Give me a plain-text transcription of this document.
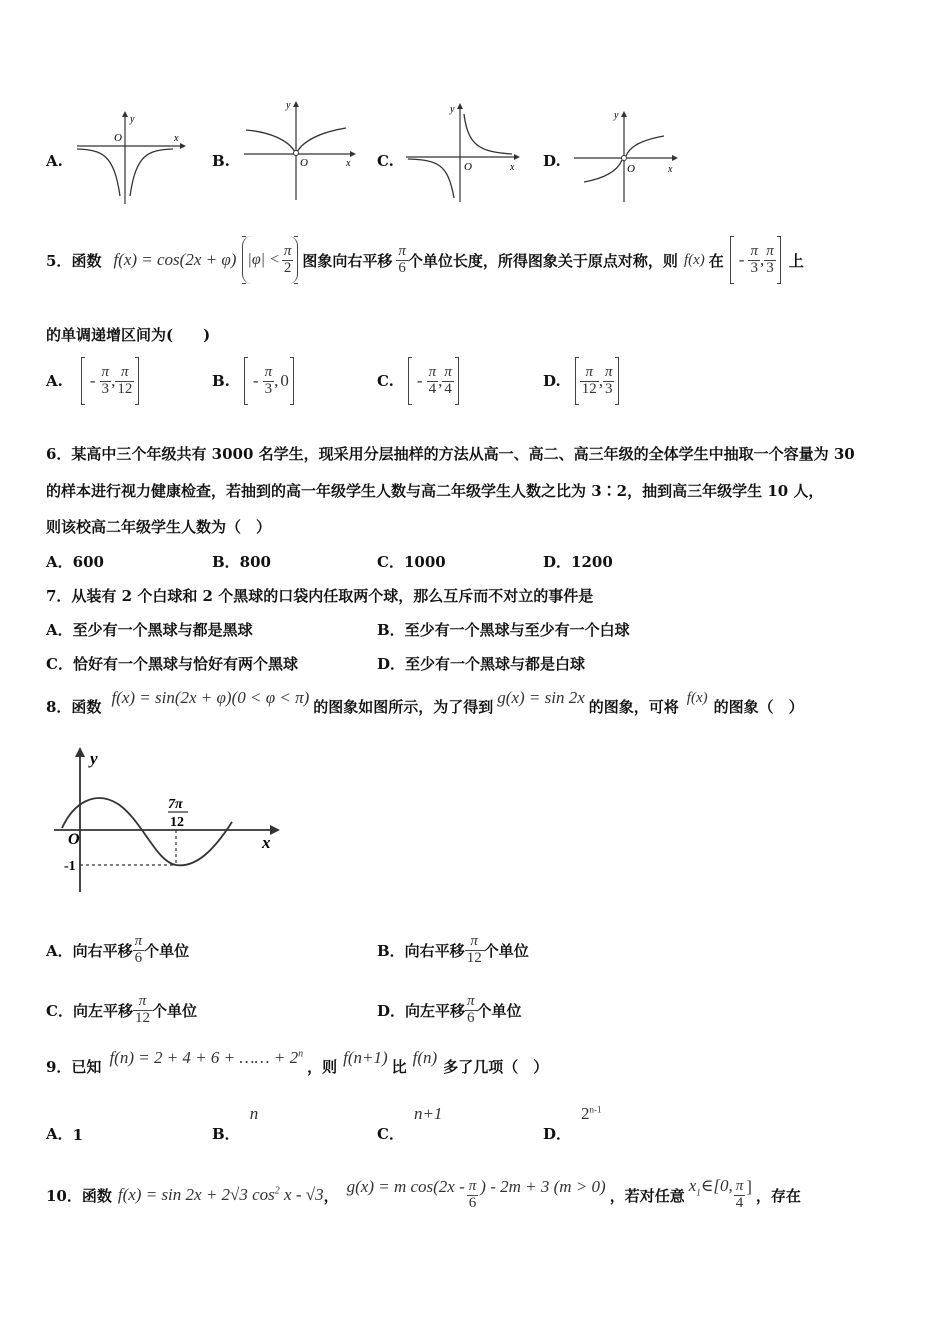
A.
y
x
O
B.
y
x
O	C.
y
x
O	D.
y
x
O
5． 函数 f(x) = cos(2x + φ) $|\varphi| < \frac{\pi}{2}$ 图象向右平移 $\frac{\pi}{6}$ 个单位长度，所得图象关于原点对称，则 f(x) 在 - $\frac{\pi}{3}$ , $\frac{\pi}{3}$ 上
的单调递增区间为(　　)
A. - $\frac{\pi}{3}$ , $\frac{\pi}{12}$	B. - $\frac{\pi}{3}$ , 0	C. - $\frac{\pi}{4}$ , $\frac{\pi}{4}$	D. $\frac{\pi}{12}$ , $\frac{\pi}{3}$
6．某高中三个年级共有 3000 名学生，现采用分层抽样的方法从高一、高二、高三年级的全体学生中抽取一个容量为 30
的样本进行视力健康检查，若抽到的高一年级学生人数与高二年级学生人数之比为 3∶2，抽到高三年级学生 10 人，
则该校高二年级学生人数为（　）
A．600	B．800	C．1000	D．1200
7．从装有 2 个白球和 2 个黑球的口袋内任取两个球，那么互斥而不对立的事件是
A．至少有一个黑球与都是黑球	B．至少有一个黑球与至少有一个白球
C．恰好有一个黑球与恰好有两个黑球	D．至少有一个黑球与都是白球
8．函数 f(x) = sin(2x + φ)(0 < φ < π) 的图象如图所示，为了得到 g(x) = sin 2x 的图象，可将 f(x) 的图象（　）
y
x
O
-1
7π
12
A．向右平移 $\frac{\pi}{6}$ 个单位	B．向右平移 $\frac{\pi}{12}$ 个单位
C．向左平移 $\frac{\pi}{12}$ 个单位	D．向左平移 $\frac{\pi}{6}$ 个单位
9．已知 f(n) = 2 + 4 + 6 + …… + $2^n$
，则 f(n+1) 比 f(n) 多了几项（　）
A． 1	B．
n
C．
n+1
D．
2$^{n-1}$
10．函数 f(x) = sin 2x + 2√3 $\cos^2 x - √3$ ， g(x) = m $\cos(2x - \frac{\pi}{6}$ ) - 2m + 3 (m > 0) ，若对任意
$x_1\in[0$, $\frac{\pi}{4}$ ] ，存在
